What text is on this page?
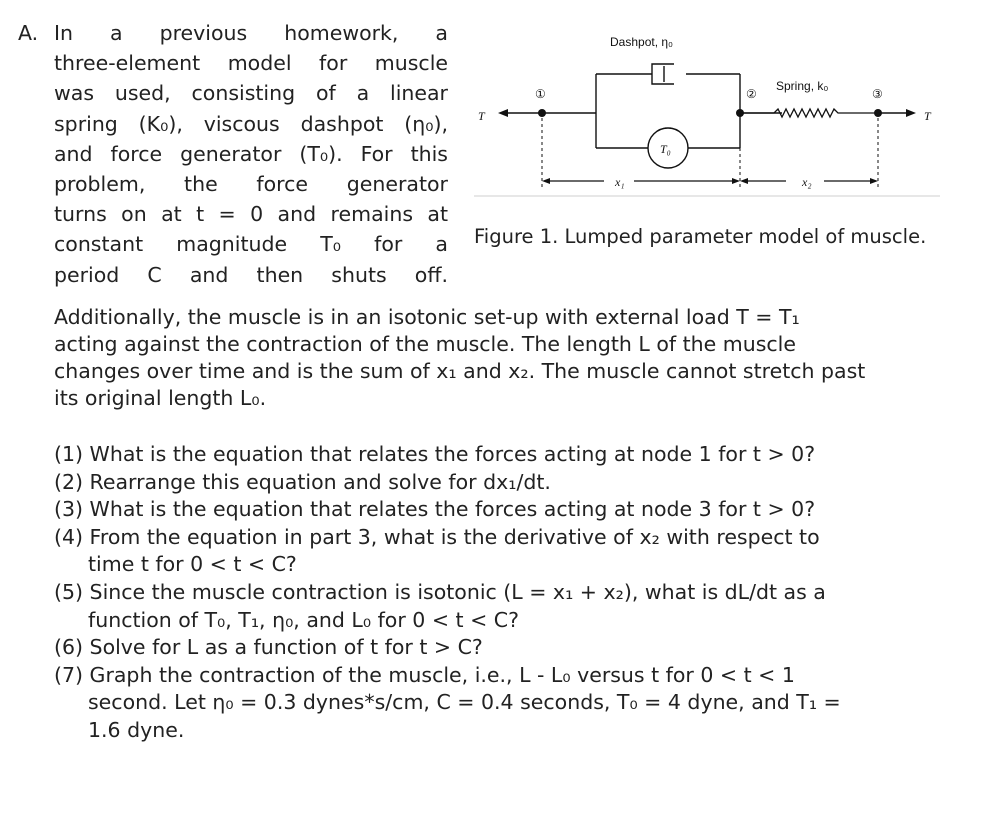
A. In a previous homework, a
three-element model for muscle
was used, consisting of a linear
spring (K₀), viscous dashpot (η₀),
and force generator (T₀). For this
problem, the force generator
turns on at t = 0 and remains at
constant magnitude T₀ for a
period C and then shuts off.
Dashpot, η₀
T₀
Spring, k₀
T	T
①	②	③
x₁	x₂
Figure 1. Lumped parameter model of muscle.
Additionally, the muscle is in an isotonic set-up with external load T = T₁ acting against the contraction of the muscle. The length L of the muscle changes over time and is the sum of x₁ and x₂. The muscle cannot stretch past its original length L₀.
(1) What is the equation that relates the forces acting at node 1 for t > 0?
(2) Rearrange this equation and solve for dx₁/dt.
(3) What is the equation that relates the forces acting at node 3 for t > 0?
(4) From the equation in part 3, what is the derivative of x₂ with respect to time t for 0 < t < C?
(5) Since the muscle contraction is isotonic (L = x₁ + x₂), what is dL/dt as a function of T₀, T₁, η₀, and L₀ for 0 < t < C?
(6) Solve for L as a function of t for t > C?
(7) Graph the contraction of the muscle, i.e., L - L₀ versus t for 0 < t < 1 second. Let η₀ = 0.3 dynes*s/cm, C = 0.4 seconds, T₀ = 4 dyne, and T₁ = 1.6 dyne.
